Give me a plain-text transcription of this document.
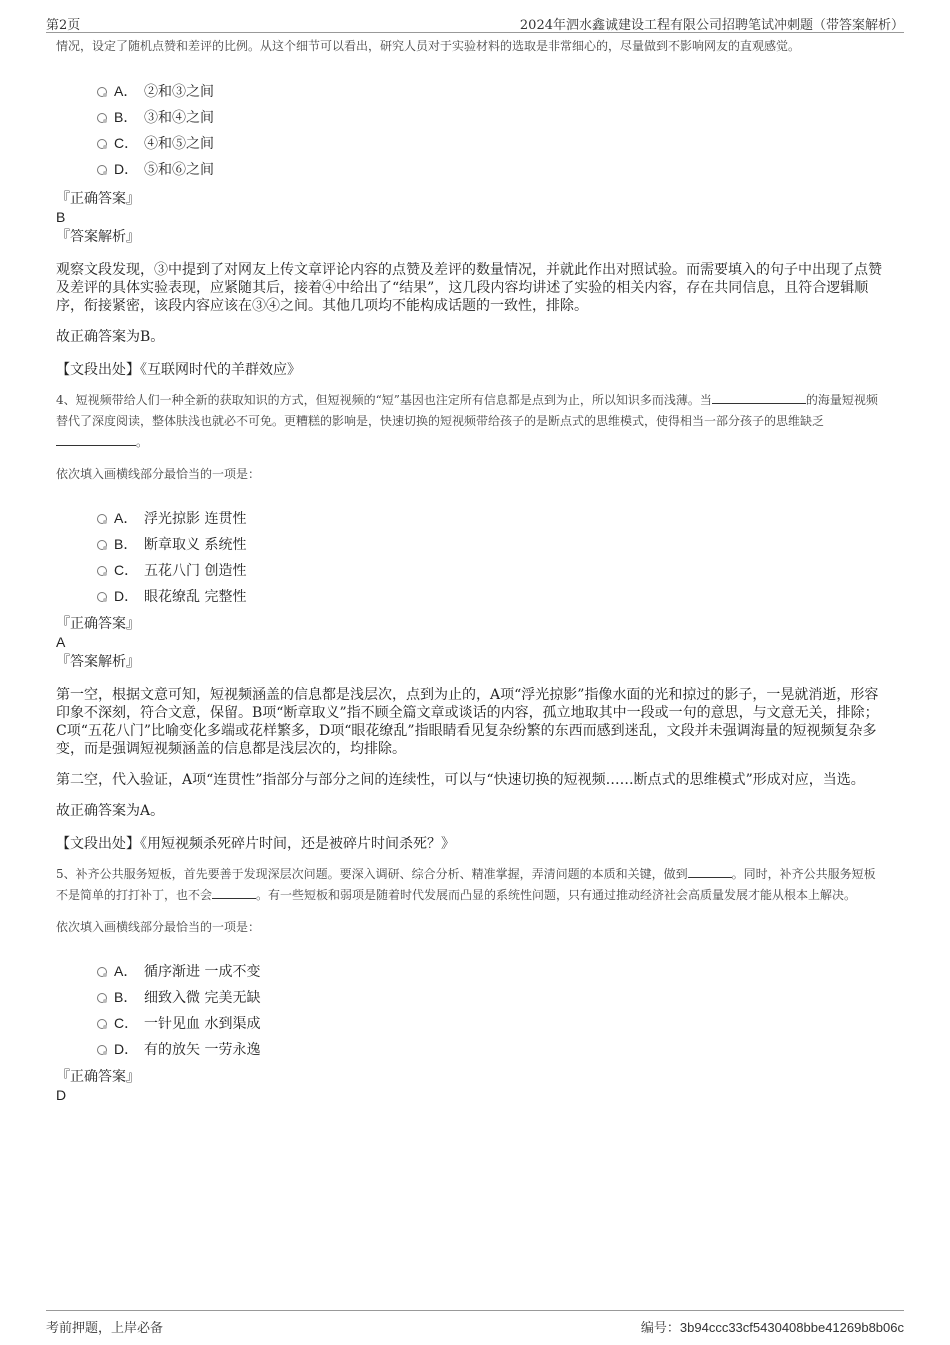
第2页	2024年泗水鑫诚建设工程有限公司招聘笔试冲刺题（带答案解析）

情况，设定了随机点赞和差评的比例。从这个细节可以看出，研究人员对于实验材料的选取是非常细心的，尽量做到不影响网友的直观感觉。

A． ②和③之间
B． ③和④之间
C． ④和⑤之间
D． ⑤和⑥之间

『正确答案』

B

『答案解析』

观察文段发现，③中提到了对网友上传文章评论内容的点赞及差评的数量情况，并就此作出对照试验。而需要填入的句子中出现了点赞及差评的具体实验表现，应紧随其后，接着④中给出了“结果”，这几段内容均讲述了实验的相关内容，存在共同信息，且符合逻辑顺序，衔接紧密，该段内容应该在③④之间。其他几项均不能构成话题的一致性，排除。

故正确答案为B。

【文段出处】《互联网时代的羊群效应》

4、短视频带给人们一种全新的获取知识的方式，但短视频的“短”基因也注定所有信息都是点到为止，所以知识多而浅薄。当	的海量短视频替代了深度阅读，整体肤浅也就必不可免。更糟糕的影响是，快速切换的短视频带给孩子的是断点式的思维模式，使得相当一部分孩子的思维缺乏。

依次填入画横线部分最恰当的一项是：

A． 浮光掠影 连贯性
B． 断章取义 系统性
C． 五花八门 创造性
D． 眼花缭乱 完整性

『正确答案』

A

『答案解析』

第一空，根据文意可知，短视频涵盖的信息都是浅层次，点到为止的，A项“浮光掠影”指像水面的光和掠过的影子，一晃就消逝，形容印象不深刻，符合文意，保留。B项“断章取义”指不顾全篇文章或谈话的内容，孤立地取其中一段或一句的意思，与文意无关，排除；C项“五花八门”比喻变化多端或花样繁多，D项“眼花缭乱”指眼睛看见复杂纷繁的东西而感到迷乱，文段并未强调海量的短视频复杂多变，而是强调短视频涵盖的信息都是浅层次的，均排除。

第二空，代入验证，A项“连贯性”指部分与部分之间的连续性，可以与“快速切换的短视频……断点式的思维模式”形成对应，当选。

故正确答案为A。

【文段出处】《用短视频杀死碎片时间，还是被碎片时间杀死？》

5、补齐公共服务短板，首先要善于发现深层次问题。要深入调研、综合分析、精准掌握，弄清问题的本质和关键，做到	。同时，补齐公共服务短板不是简单的打打补丁，也不会	。有一些短板和弱项是随着时代发展而凸显的系统性问题，只有通过推动经济社会高质量发展才能从根本上解决。

依次填入画横线部分最恰当的一项是：

A． 循序渐进 一成不变
B． 细致入微 完美无缺
C． 一针见血 水到渠成
D． 有的放矢 一劳永逸

『正确答案』

D

考前押题，上岸必备	编号：3b94ccc33cf5430408bbe41269b8b06c
